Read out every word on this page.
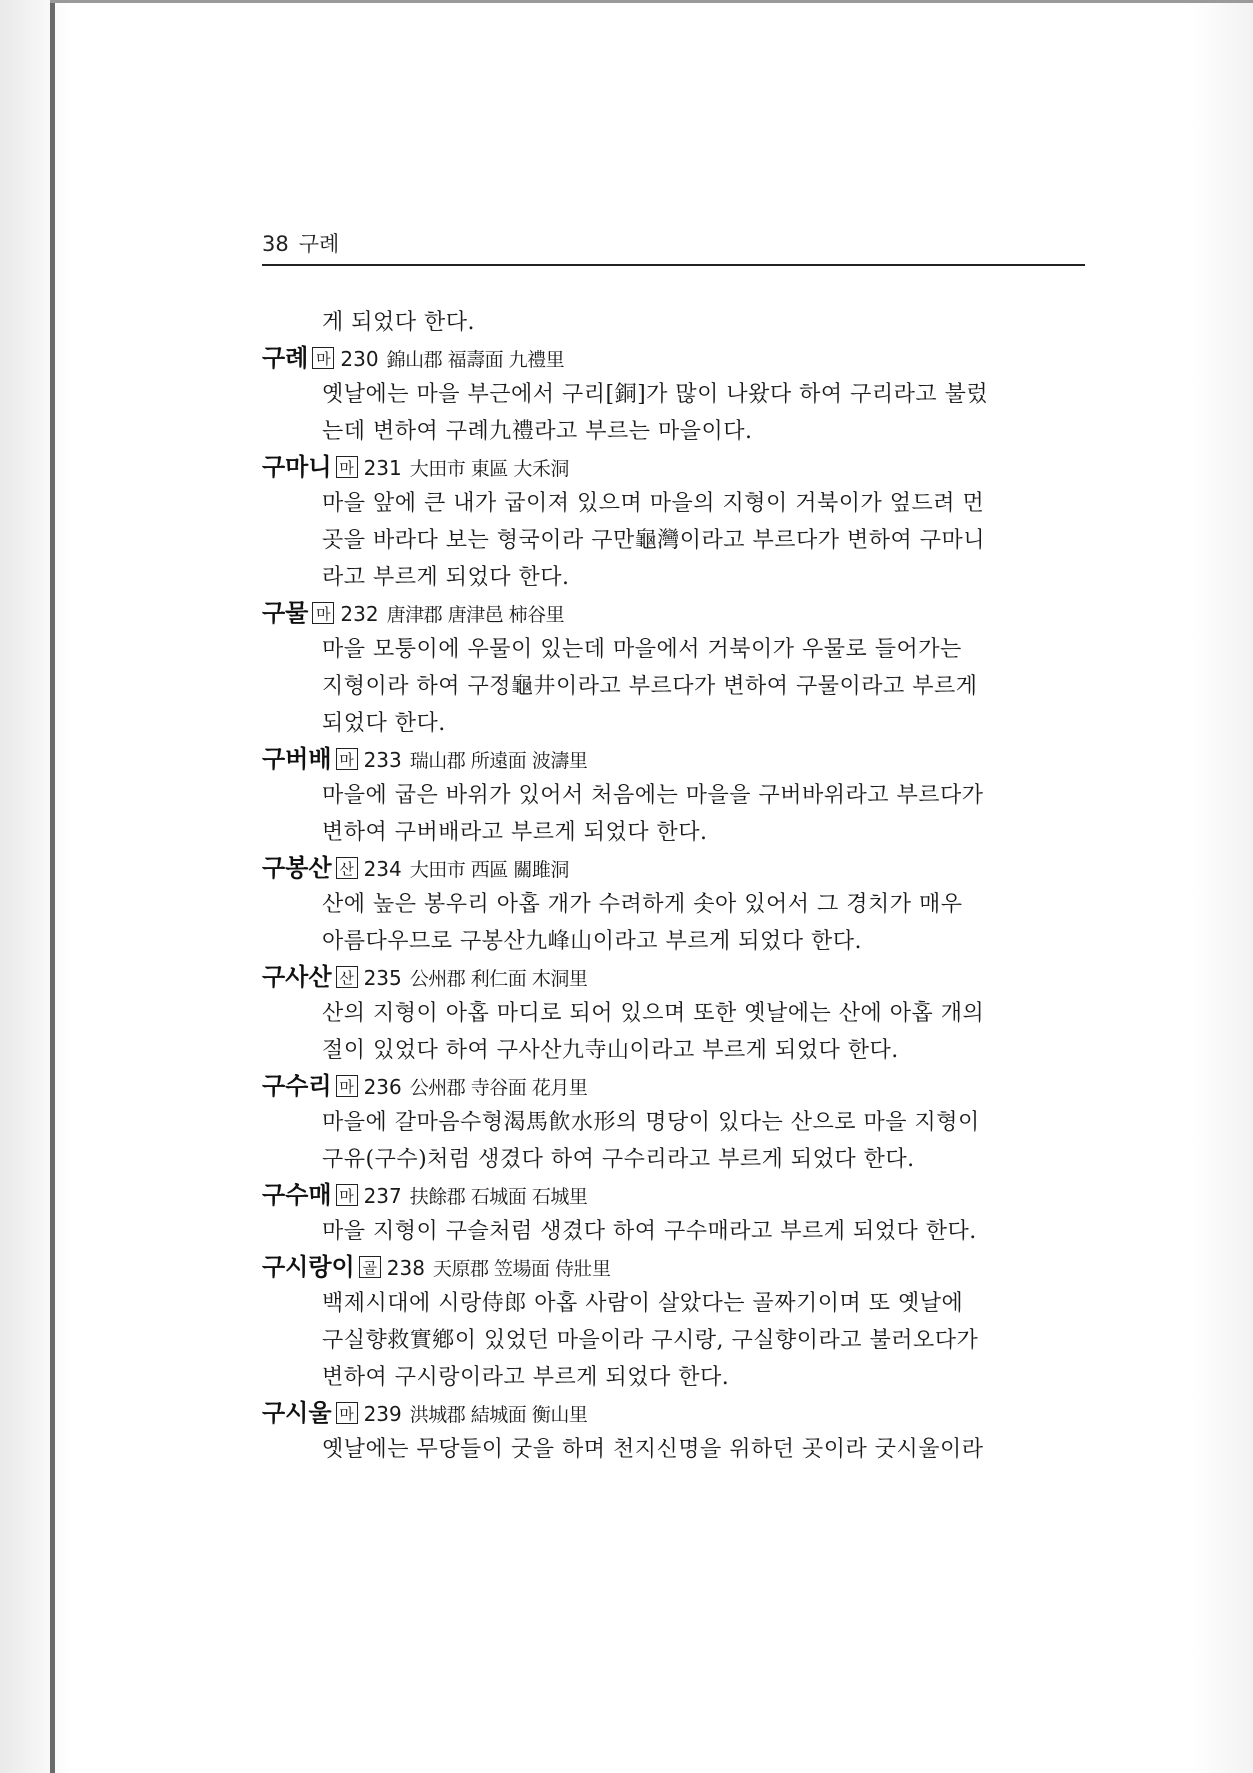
38 구례
게 되었다 한다.
구례 마 230 錦山郡 福壽面 九禮里
옛날에는 마을 부근에서 구리[銅]가 많이 나왔다 하여 구리라고 불렀
는데 변하여 구례九禮라고 부르는 마을이다.
구마니 마 231 大田市 東區 大禾洞
마을 앞에 큰 내가 굽이져 있으며 마을의 지형이 거북이가 엎드려 먼
곳을 바라다 보는 형국이라 구만龜灣이라고 부르다가 변하여 구마니
라고 부르게 되었다 한다.
구물 마 232 唐津郡 唐津邑 柿谷里
마을 모퉁이에 우물이 있는데 마을에서 거북이가 우물로 들어가는
지형이라 하여 구정龜井이라고 부르다가 변하여 구물이라고 부르게
되었다 한다.
구버배 마 233 瑞山郡 所遠面 波濤里
마을에 굽은 바위가 있어서 처음에는 마을을 구버바위라고 부르다가
변하여 구버배라고 부르게 되었다 한다.
구봉산 산 234 大田市 西區 關雎洞
산에 높은 봉우리 아홉 개가 수려하게 솟아 있어서 그 경치가 매우
아름다우므로 구봉산九峰山이라고 부르게 되었다 한다.
구사산 산 235 公州郡 利仁面 木洞里
산의 지형이 아홉 마디로 되어 있으며 또한 옛날에는 산에 아홉 개의
절이 있었다 하여 구사산九寺山이라고 부르게 되었다 한다.
구수리 마 236 公州郡 寺谷面 花月里
마을에 갈마음수형渴馬飮水形의 명당이 있다는 산으로 마을 지형이
구유(구수)처럼 생겼다 하여 구수리라고 부르게 되었다 한다.
구수매 마 237 扶餘郡 石城面 石城里
마을 지형이 구슬처럼 생겼다 하여 구수매라고 부르게 되었다 한다.
구시랑이 골 238 天原郡 笠場面 侍壯里
백제시대에 시랑侍郎 아홉 사람이 살았다는 골짜기이며 또 옛날에
구실향救實鄕이 있었던 마을이라 구시랑, 구실향이라고 불러오다가
변하여 구시랑이라고 부르게 되었다 한다.
구시울 마 239 洪城郡 結城面 衡山里
옛날에는 무당들이 굿을 하며 천지신명을 위하던 곳이라 굿시울이라
